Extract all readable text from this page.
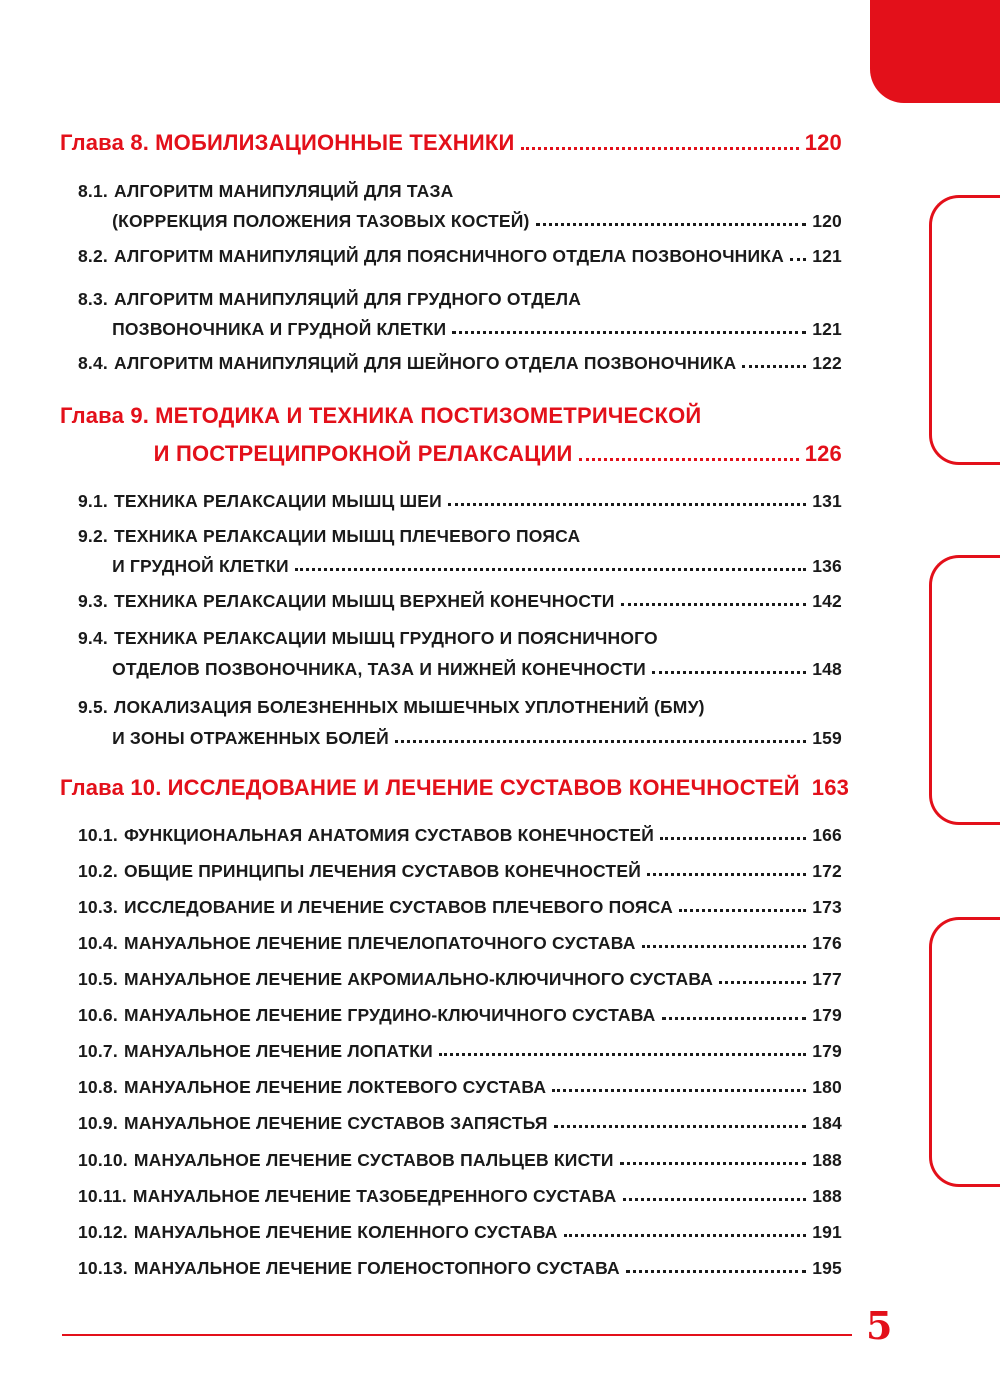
Глава 8. МОБИЛИЗАЦИОННЫЕ ТЕХНИКИ	120
8.1. АЛГОРИТМ МАНИПУЛЯЦИЙ ДЛЯ ТАЗА
(КОРРЕКЦИЯ ПОЛОЖЕНИЯ ТАЗОВЫХ КОСТЕЙ)	120
8.2. АЛГОРИТМ МАНИПУЛЯЦИЙ ДЛЯ ПОЯСНИЧНОГО ОТДЕЛА ПОЗВОНОЧНИКА 121
8.3. АЛГОРИТМ МАНИПУЛЯЦИЙ ДЛЯ ГРУДНОГО ОТДЕЛА
ПОЗВОНОЧНИКА И ГРУДНОЙ КЛЕТКИ	121
8.4. АЛГОРИТМ МАНИПУЛЯЦИЙ ДЛЯ ШЕЙНОГО ОТДЕЛА ПОЗВОНОЧНИКА	122
Глава 9. МЕТОДИКА И ТЕХНИКА ПОСТИЗОМЕТРИЧЕСКОЙ
И ПОСТРЕЦИПРОКНОЙ РЕЛАКСАЦИИ	126
9.1. ТЕХНИКА РЕЛАКСАЦИИ МЫШЦ ШЕИ	131
9.2. ТЕХНИКА РЕЛАКСАЦИИ МЫШЦ ПЛЕЧЕВОГО ПОЯСА
И ГРУДНОЙ КЛЕТКИ	136
9.3. ТЕХНИКА РЕЛАКСАЦИИ МЫШЦ ВЕРХНЕЙ КОНЕЧНОСТИ	142
9.4. ТЕХНИКА РЕЛАКСАЦИИ МЫШЦ ГРУДНОГО И ПОЯСНИЧНОГО
ОТДЕЛОВ ПОЗВОНОЧНИКА, ТАЗА И НИЖНЕЙ КОНЕЧНОСТИ	148
9.5. ЛОКАЛИЗАЦИЯ БОЛЕЗНЕННЫХ МЫШЕЧНЫХ УПЛОТНЕНИЙ (БМУ)
И ЗОНЫ ОТРАЖЕННЫХ БОЛЕЙ	159
Глава 10. ИССЛЕДОВАНИЕ И ЛЕЧЕНИЕ СУСТАВОВ КОНЕЧНОСТЕЙ 163
10.1. ФУНКЦИОНАЛЬНАЯ АНАТОМИЯ СУСТАВОВ КОНЕЧНОСТЕЙ	166
10.2. ОБЩИЕ ПРИНЦИПЫ ЛЕЧЕНИЯ СУСТАВОВ КОНЕЧНОСТЕЙ	172
10.3. ИССЛЕДОВАНИЕ И ЛЕЧЕНИЕ СУСТАВОВ ПЛЕЧЕВОГО ПОЯСА	173
10.4. МАНУАЛЬНОЕ ЛЕЧЕНИЕ ПЛЕЧЕЛОПАТОЧНОГО СУСТАВА	176
10.5. МАНУАЛЬНОЕ ЛЕЧЕНИЕ АКРОМИАЛЬНО-КЛЮЧИЧНОГО СУСТАВА	177
10.6. МАНУАЛЬНОЕ ЛЕЧЕНИЕ ГРУДИНО-КЛЮЧИЧНОГО СУСТАВА	179
10.7. МАНУАЛЬНОЕ ЛЕЧЕНИЕ ЛОПАТКИ	179
10.8. МАНУАЛЬНОЕ ЛЕЧЕНИЕ ЛОКТЕВОГО СУСТАВА	180
10.9. МАНУАЛЬНОЕ ЛЕЧЕНИЕ СУСТАВОВ ЗАПЯСТЬЯ	184
10.10. МАНУАЛЬНОЕ ЛЕЧЕНИЕ СУСТАВОВ ПАЛЬЦЕВ КИСТИ	188
10.11. МАНУАЛЬНОЕ ЛЕЧЕНИЕ ТАЗОБЕДРЕННОГО СУСТАВА	188
10.12. МАНУАЛЬНОЕ ЛЕЧЕНИЕ КОЛЕННОГО СУСТАВА	191
10.13. МАНУАЛЬНОЕ ЛЕЧЕНИЕ ГОЛЕНОСТОПНОГО СУСТАВА	195
5
